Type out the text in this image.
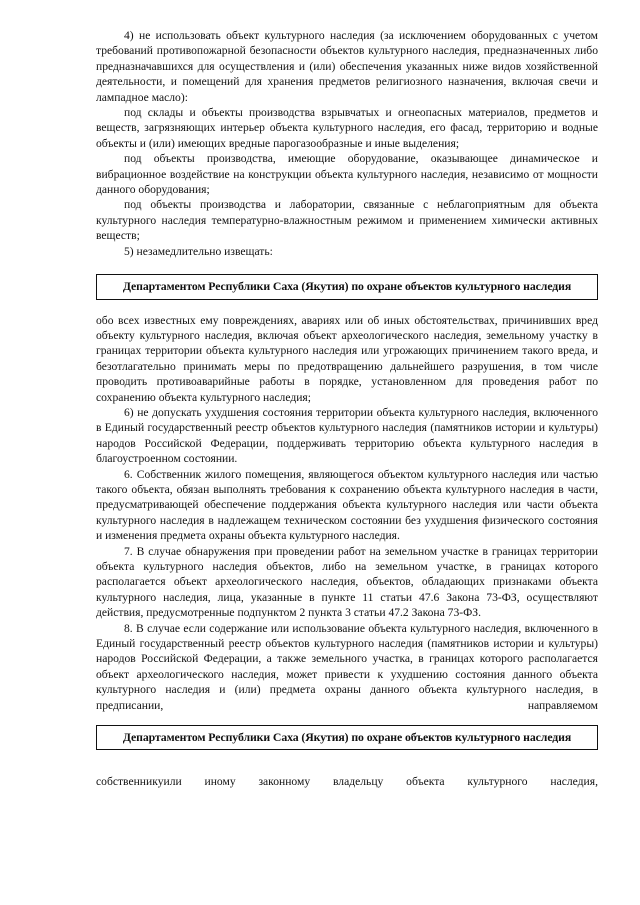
4) не использовать объект культурного наследия (за исключением оборудованных с учетом требований противопожарной безопасности объектов культурного наследия, предназначенных либо предназначавшихся для осуществления и (или) обеспечения указанных ниже видов хозяйственной деятельности, и помещений для хранения предметов религиозного назначения, включая свечи и лампадное масло):

под склады и объекты производства взрывчатых и огнеопасных материалов, предметов и веществ, загрязняющих интерьер объекта культурного наследия, его фасад, территорию и водные объекты и (или) имеющих вредные парогазообразные и иные выделения;

под объекты производства, имеющие оборудование, оказывающее динамическое и вибрационное воздействие на конструкции объекта культурного наследия, независимо от мощности данного оборудования;

под объекты производства и лаборатории, связанные с неблагоприятным для объекта культурного наследия температурно-влажностным режимом и применением химически активных веществ;

5) незамедлительно извещать:

Департаментом Республики Саха (Якутия) по охране объектов культурного наследия

обо всех известных ему повреждениях, авариях или об иных обстоятельствах, причинивших вред объекту культурного наследия, включая объект археологического наследия, земельному участку в границах территории объекта культурного наследия или угрожающих причинением такого вреда, и безотлагательно принимать меры по предотвращению дальнейшего разрушения, в том числе проводить противоаварийные работы в порядке, установленном для проведения работ по сохранению объекта культурного наследия;

6) не допускать ухудшения состояния территории объекта культурного наследия, включенного в Единый государственный реестр объектов культурного наследия (памятников истории и культуры) народов Российской Федерации, поддерживать территорию объекта культурного наследия в благоустроенном состоянии.

6. Собственник жилого помещения, являющегося объектом культурного наследия или частью такого объекта, обязан выполнять требования к сохранению объекта культурного наследия в части, предусматривающей обеспечение поддержания объекта культурного наследия или части объекта культурного наследия в надлежащем техническом состоянии без ухудшения физического состояния и изменения предмета охраны объекта культурного наследия.

7. В случае обнаружения при проведении работ на земельном участке в границах территории объекта культурного наследия объектов, либо на земельном участке, в границах которого располагается объект археологического наследия, объектов, обладающих признаками объекта культурного наследия, лица, указанные в пункте 11 статьи 47.6 Закона 73-ФЗ, осуществляют действия, предусмотренные подпунктом 2 пункта 3 статьи 47.2 Закона 73-ФЗ.

8. В случае если содержание или использование объекта культурного наследия, включенного в Единый государственный реестр объектов культурного наследия (памятников истории и культуры) народов Российской Федерации, а также земельного участка, в границах которого располагается объект археологического наследия, может привести к ухудшению состояния данного объекта культурного наследия и (или) предмета охраны данного объекта культурного наследия, в предписании, направляемом

Департаментом Республики Саха (Якутия) по охране объектов культурного наследия

собственникуили иному законному владельцу объекта культурного наследия,
